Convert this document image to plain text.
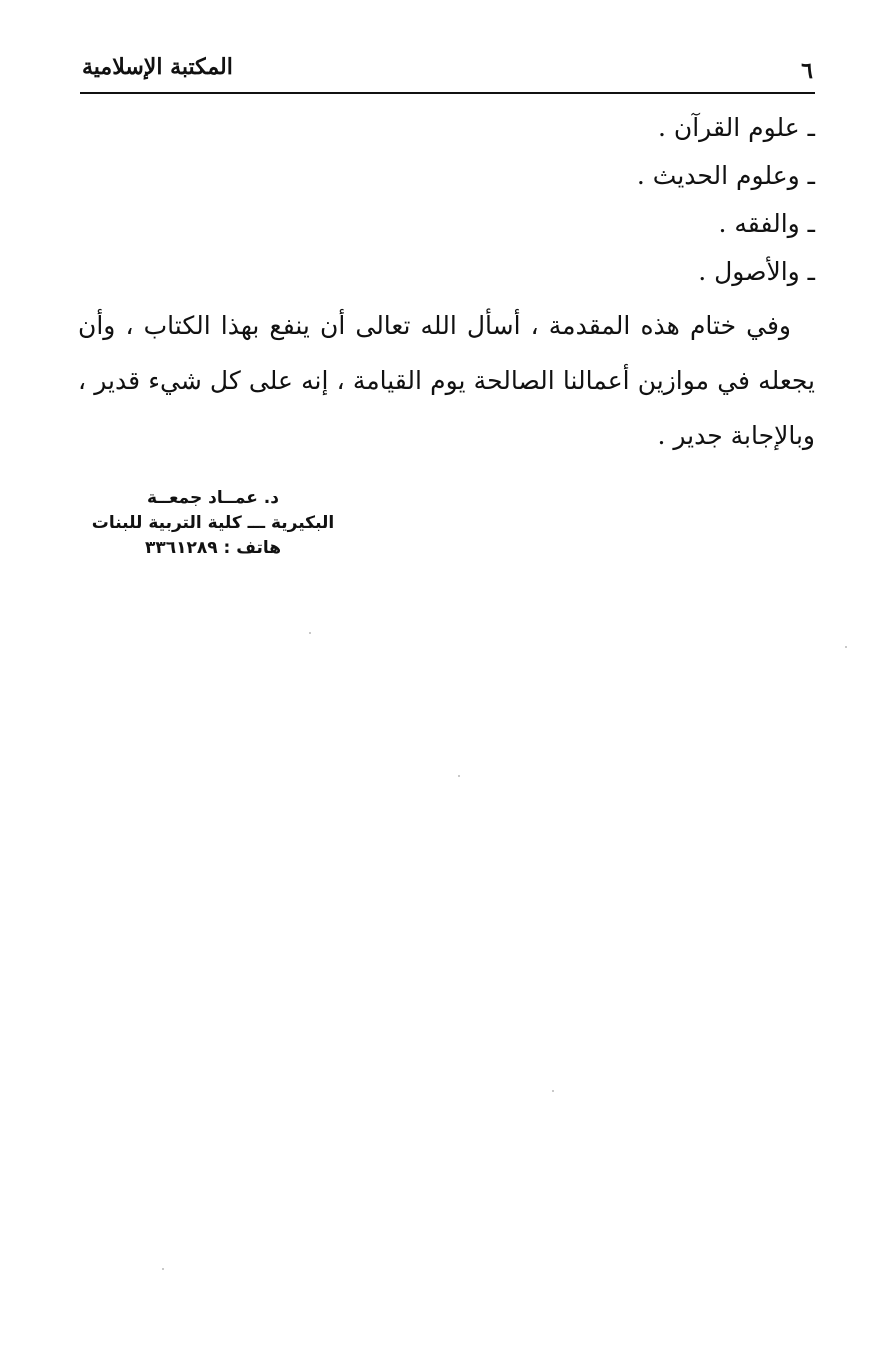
٦
المكتبة الإسلامية
ـ علوم القرآن .
ـ وعلوم الحديث .
ـ والفقه .
ـ والأصول .

وفي ختام هذه المقدمة ، أسأل الله تعالى أن ينفع بهذا الكتاب ، وأن يجعله في موازين أعمالنا الصالحة يوم القيامة ، إنه على كل شيء قدير ، وبالإجابة جدير .

د. عمــاد جمعــة
البكيرية ـــ كلية التربية للبنات
هاتف : ٣٣٦١٢٨٩
